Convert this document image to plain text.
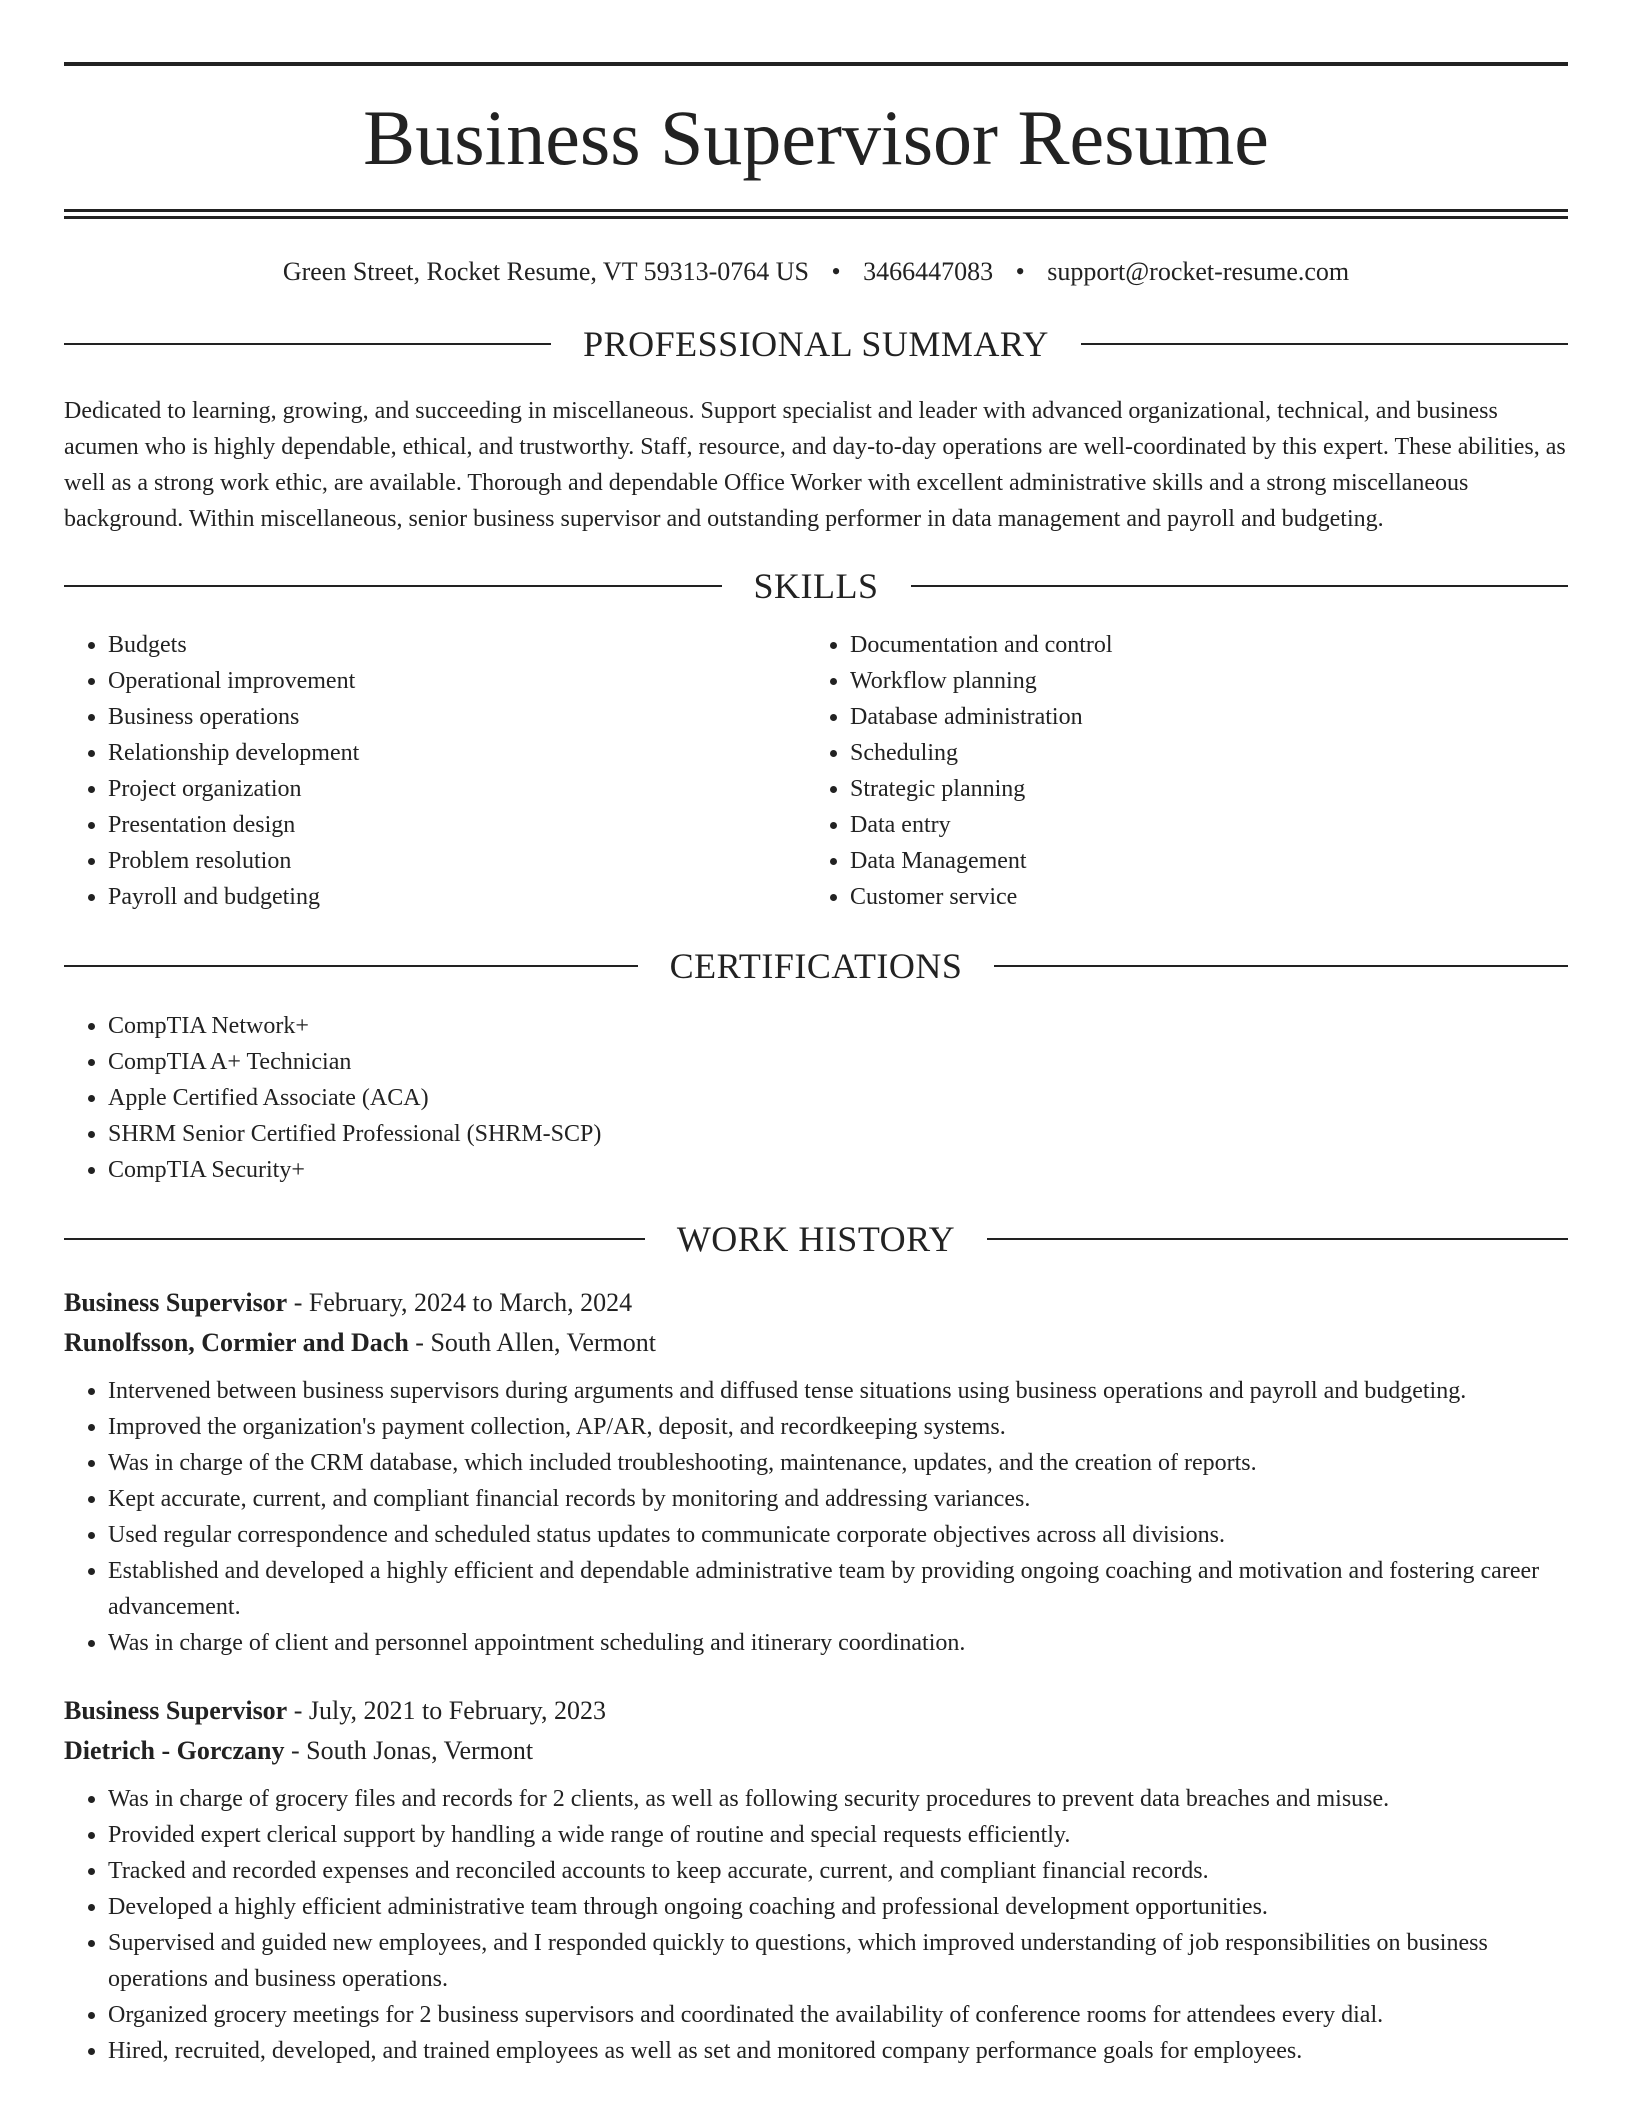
Business Supervisor Resume
Green Street, Rocket Resume, VT 59313-0764 US • 3466447083 • support@rocket-resume.com
PROFESSIONAL SUMMARY

Dedicated to learning, growing, and succeeding in miscellaneous. Support specialist and leader with advanced organizational, technical, and business acumen who is highly dependable, ethical, and trustworthy. Staff, resource, and day-to-day operations are well-coordinated by this expert. These abilities, as well as a strong work ethic, are available. Thorough and dependable Office Worker with excellent administrative skills and a strong miscellaneous background. Within miscellaneous, senior business supervisor and outstanding performer in data management and payroll and budgeting.

SKILLS
• Budgets
• Operational improvement
• Business operations
• Relationship development
• Project organization
• Presentation design
• Problem resolution
• Payroll and budgeting
• Documentation and control
• Workflow planning
• Database administration
• Scheduling
• Strategic planning
• Data entry
• Data Management
• Customer service
CERTIFICATIONS
• CompTIA Network+
• CompTIA A+ Technician
• Apple Certified Associate (ACA)
• SHRM Senior Certified Professional (SHRM-SCP)
• CompTIA Security+
WORK HISTORY
Business Supervisor - February, 2024 to March, 2024
Runolfsson, Cormier and Dach - South Allen, Vermont
• Intervened between business supervisors during arguments and diffused tense situations using business operations and payroll and budgeting.
• Improved the organization's payment collection, AP/AR, deposit, and recordkeeping systems.
• Was in charge of the CRM database, which included troubleshooting, maintenance, updates, and the creation of reports.
• Kept accurate, current, and compliant financial records by monitoring and addressing variances.
• Used regular correspondence and scheduled status updates to communicate corporate objectives across all divisions.
• Established and developed a highly efficient and dependable administrative team by providing ongoing coaching and motivation and fostering career advancement.
• Was in charge of client and personnel appointment scheduling and itinerary coordination.
Business Supervisor - July, 2021 to February, 2023
Dietrich - Gorczany - South Jonas, Vermont
• Was in charge of grocery files and records for 2 clients, as well as following security procedures to prevent data breaches and misuse.
• Provided expert clerical support by handling a wide range of routine and special requests efficiently.
• Tracked and recorded expenses and reconciled accounts to keep accurate, current, and compliant financial records.
• Developed a highly efficient administrative team through ongoing coaching and professional development opportunities.
• Supervised and guided new employees, and I responded quickly to questions, which improved understanding of job responsibilities on business operations and business operations.
• Organized grocery meetings for 2 business supervisors and coordinated the availability of conference rooms for attendees every dial.
• Hired, recruited, developed, and trained employees as well as set and monitored company performance goals for employees.
